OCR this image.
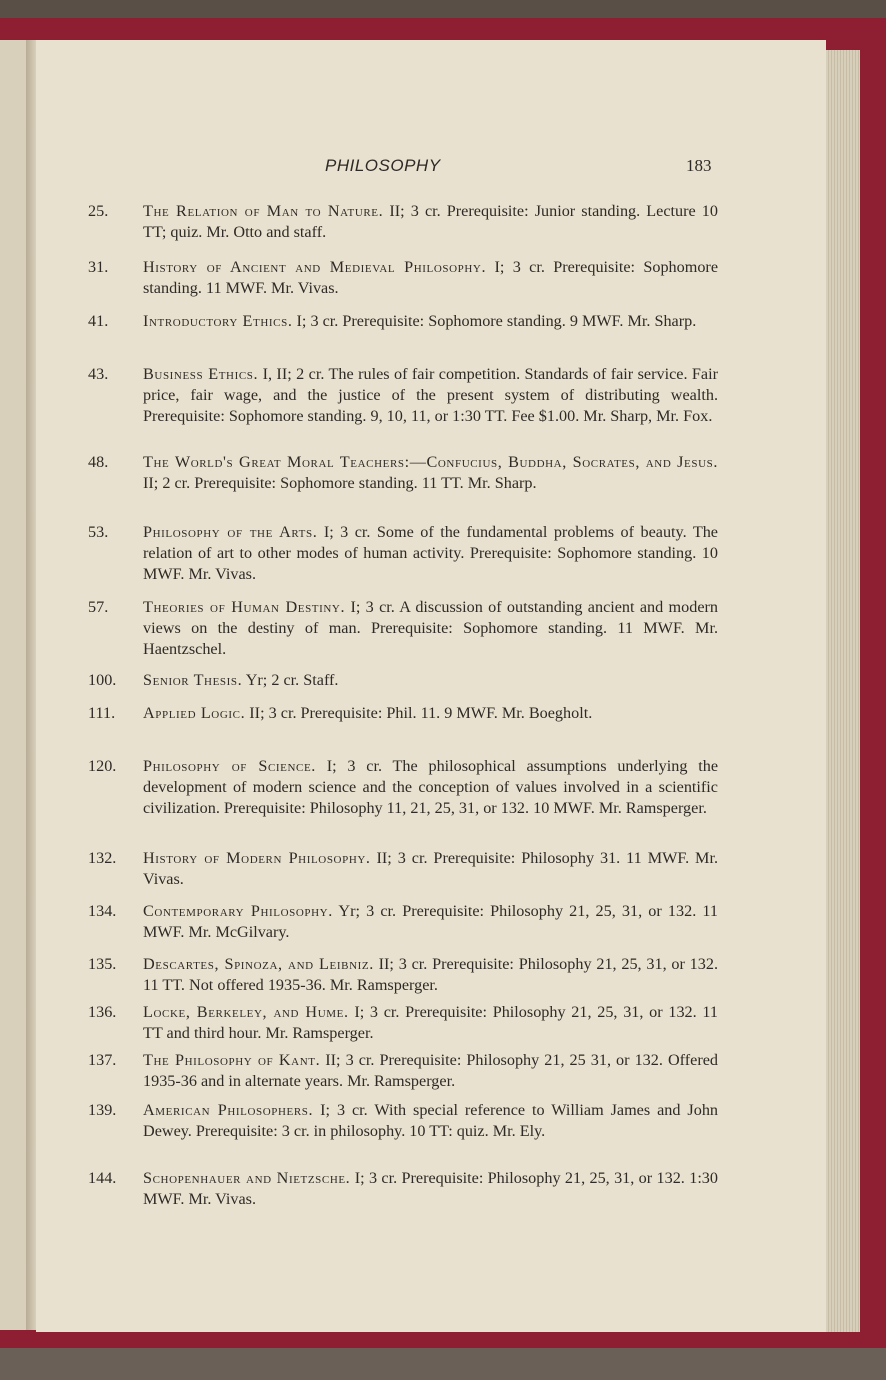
PHILOSOPHY	183
25.	The Relation of Man to Nature. II; 3 cr. Prerequisite: Junior standing. Lecture 10 TT; quiz. Mr. Otto and staff.
31.	History of Ancient and Medieval Philosophy. I; 3 cr. Prerequisite: Sophomore standing. 11 MWF. Mr. Vivas.
41.	Introductory Ethics. I; 3 cr. Prerequisite: Sophomore standing. 9 MWF. Mr. Sharp.
43.	Business Ethics. I, II; 2 cr. The rules of fair competition. Standards of fair service. Fair price, fair wage, and the justice of the present system of distributing wealth. Prerequisite: Sophomore standing. 9, 10, 11, or 1:30 TT. Fee $1.00. Mr. Sharp, Mr. Fox.
48.	The World's Great Moral Teachers:—Confucius, Buddha, Socrates, and Jesus. II; 2 cr. Prerequisite: Sophomore standing. 11 TT. Mr. Sharp.
53.	Philosophy of the Arts. I; 3 cr. Some of the fundamental problems of beauty. The relation of art to other modes of human activity. Prerequisite: Sophomore standing. 10 MWF. Mr. Vivas.
57.	Theories of Human Destiny. I; 3 cr. A discussion of outstanding ancient and modern views on the destiny of man. Prerequisite: Sophomore standing. 11 MWF. Mr. Haentzschel.
100.	Senior Thesis. Yr; 2 cr. Staff.
111.	Applied Logic. II; 3 cr. Prerequisite: Phil. 11. 9 MWF. Mr. Boegholt.
120.	Philosophy of Science. I; 3 cr. The philosophical assumptions underlying the development of modern science and the conception of values involved in a scientific civilization. Prerequisite: Philosophy 11, 21, 25, 31, or 132. 10 MWF. Mr. Ramsperger.
132.	History of Modern Philosophy. II; 3 cr. Prerequisite: Philosophy 31. 11 MWF. Mr. Vivas.
134.	Contemporary Philosophy. Yr; 3 cr. Prerequisite: Philosophy 21, 25, 31, or 132. 11 MWF. Mr. McGilvary.
135.	Descartes, Spinoza, and Leibniz. II; 3 cr. Prerequisite: Philosophy 21, 25, 31, or 132. 11 TT. Not offered 1935-36. Mr. Ramsperger.
136.	Locke, Berkeley, and Hume. I; 3 cr. Prerequisite: Philosophy 21, 25, 31, or 132. 11 TT and third hour. Mr. Ramsperger.
137.	The Philosophy of Kant. II; 3 cr. Prerequisite: Philosophy 21, 25 31, or 132. Offered 1935-36 and in alternate years. Mr. Ramsperger.
139.	American Philosophers. I; 3 cr. With special reference to William James and John Dewey. Prerequisite: 3 cr. in philosophy. 10 TT: quiz. Mr. Ely.
144.	Schopenhauer and Nietzsche. I; 3 cr. Prerequisite: Philosophy 21, 25, 31, or 132. 1:30 MWF. Mr. Vivas.
